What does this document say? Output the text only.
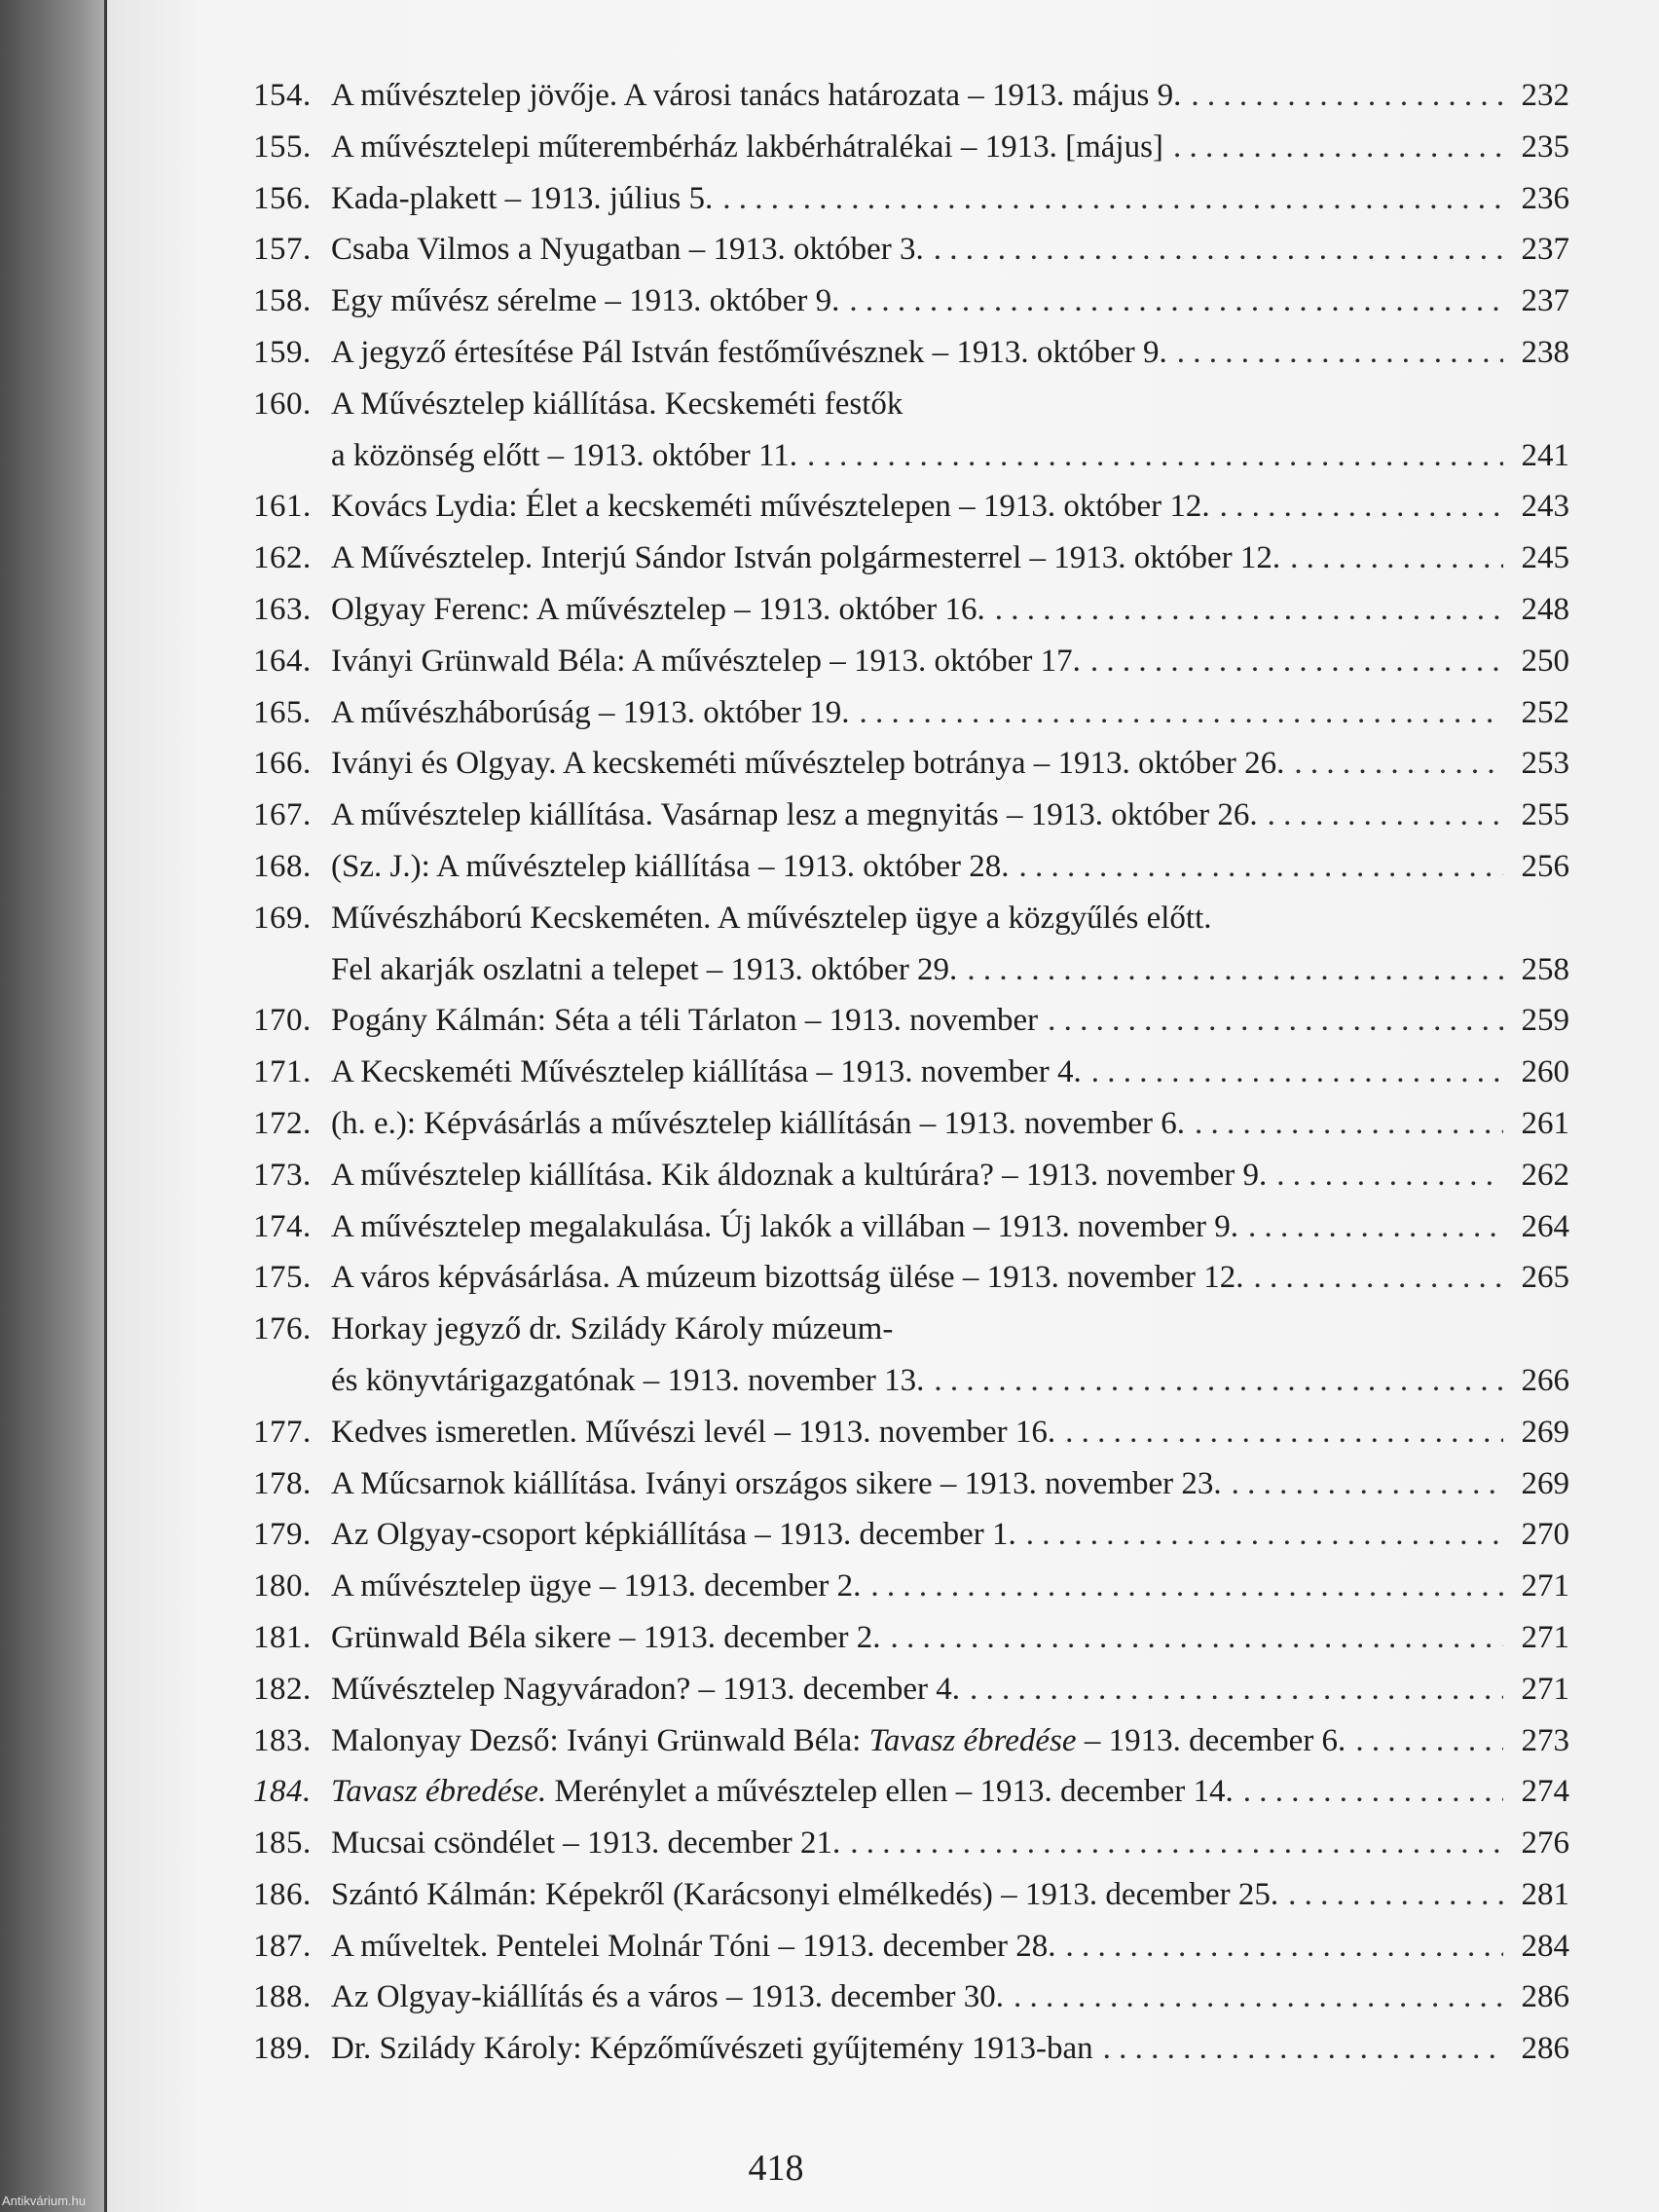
154. A művésztelep jövője. A városi tanács határozata – 1913. május 9. . . .	232
155. A művésztelepi műterembérház lakbérhátralékai – 1913. [május] . . .	235
156. Kada-plakett – 1913. július 5. . . .	236
157. Csaba Vilmos a Nyugatban – 1913. október 3. . . .	237
158. Egy művész sérelme – 1913. október 9. . . .	237
159. A jegyző értesítése Pál István festőművésznek – 1913. október 9. . . .	238
160. A Művésztelep kiállítása. Kecskeméti festők
a közönség előtt – 1913. október 11. . . .	241
161. Kovács Lydia: Élet a kecskeméti művésztelepen – 1913. október 12. . . .	243
162. A Művésztelep. Interjú Sándor István polgármesterrel – 1913. október 12. . . .	245
163. Olgyay Ferenc: A művésztelep – 1913. október 16. . . .	248
164. Iványi Grünwald Béla: A művésztelep – 1913. október 17. . . .	250
165. A művészháborúság – 1913. október 19. . . .	252
166. Iványi és Olgyay. A kecskeméti művésztelep botránya – 1913. október 26. . . .	253
167. A művésztelep kiállítása. Vasárnap lesz a megnyitás – 1913. október 26. . . .	255
168. (Sz. J.): A művésztelep kiállítása – 1913. október 28. . . .	256
169. Művészháború Kecskeméten. A művésztelep ügye a közgyűlés előtt.
Fel akarják oszlatni a telepet – 1913. október 29. . . .	258
170. Pogány Kálmán: Séta a téli Tárlaton – 1913. november . . .	259
171. A Kecskeméti Művésztelep kiállítása – 1913. november 4. . . .	260
172. (h. e.): Képvásárlás a művésztelep kiállításán – 1913. november 6. . . .	261
173. A művésztelep kiállítása. Kik áldoznak a kultúrára? – 1913. november 9. . . .	262
174. A művésztelep megalakulása. Új lakók a villában – 1913. november 9. . . .	264
175. A város képvásárlása. A múzeum bizottság ülése – 1913. november 12. . . .	265
176. Horkay jegyző dr. Szilády Károly múzeum-
és könyvtárigazgatónak – 1913. november 13. . . .	266
177. Kedves ismeretlen. Művészi levél – 1913. november 16. . . .	269
178. A Műcsarnok kiállítása. Iványi országos sikere – 1913. november 23. . . .	269
179. Az Olgyay-csoport képkiállítása – 1913. december 1. . . .	270
180. A művésztelep ügye – 1913. december 2. . . .	271
181. Grünwald Béla sikere – 1913. december 2. . . .	271
182. Művésztelep Nagyváradon? – 1913. december 4. . . .	271
183. Malonyay Dezső: Iványi Grünwald Béla: Tavasz ébredése – 1913. december 6. . . .	273
184. Tavasz ébredése. Merénylet a művésztelep ellen – 1913. december 14. . . .	274
185. Mucsai csöndélet – 1913. december 21. . . .	276
186. Szántó Kálmán: Képekről (Karácsonyi elmélkedés) – 1913. december 25. . . .	281
187. A műveltek. Pentelei Molnár Tóni – 1913. december 28. . . .	284
188. Az Olgyay-kiállítás és a város – 1913. december 30. . . .	286
189. Dr. Szilády Károly: Képzőművészeti gyűjtemény 1913-ban . . .	286
418
Antikvárium.hu
